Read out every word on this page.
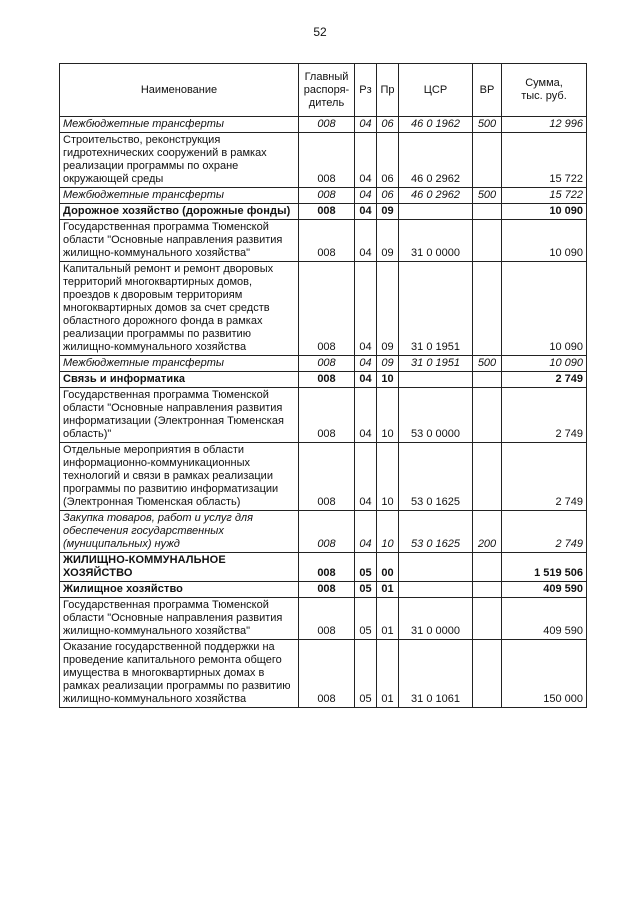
52
Наименование	Главный
распоря-
дитель	Рз	Пр	ЦСР	ВР	Сумма,
тыс. руб.
Межбюджетные трансферты	008	04	06	46 0 1962	500	12 996
Строительство, реконструкция гидротехнических сооружений в рамках реализации программы по охране окружающей среды	008	04	06	46 0 2962		15 722
Межбюджетные трансферты	008	04	06	46 0 2962	500	15 722
Дорожное хозяйство (дорожные фонды)	008	04	09			10 090
Государственная программа Тюменской области "Основные направления развития жилищно-коммунального хозяйства"	008	04	09	31 0 0000		10 090
Капитальный ремонт и ремонт дворовых территорий многоквартирных домов, проездов к дворовым территориям многоквартирных домов за счет средств областного дорожного фонда в рамках реализации программы по развитию жилищно-коммунального хозяйства	008	04	09	31 0 1951		10 090
Межбюджетные трансферты	008	04	09	31 0 1951	500	10 090
Связь и информатика	008	04	10			2 749
Государственная программа Тюменской области "Основные направления развития информатизации (Электронная Тюменская область)"	008	04	10	53 0 0000		2 749
Отдельные мероприятия в области информационно-коммуникационных технологий и связи в рамках реализации программы по развитию информатизации (Электронная Тюменская область)	008	04	10	53 0 1625		2 749
Закупка товаров, работ и услуг для обеспечения государственных (муниципальных) нужд	008	04	10	53 0 1625	200	2 749
ЖИЛИЩНО-КОММУНАЛЬНОЕ ХОЗЯЙСТВО	008	05	00			1 519 506
Жилищное хозяйство	008	05	01			409 590
Государственная программа Тюменской области "Основные направления развития жилищно-коммунального хозяйства"	008	05	01	31 0 0000		409 590
Оказание государственной поддержки на проведение капитального ремонта общего имущества в многоквартирных домах в рамках реализации программы по развитию жилищно-коммунального хозяйства	008	05	01	31 0 1061		150 000
